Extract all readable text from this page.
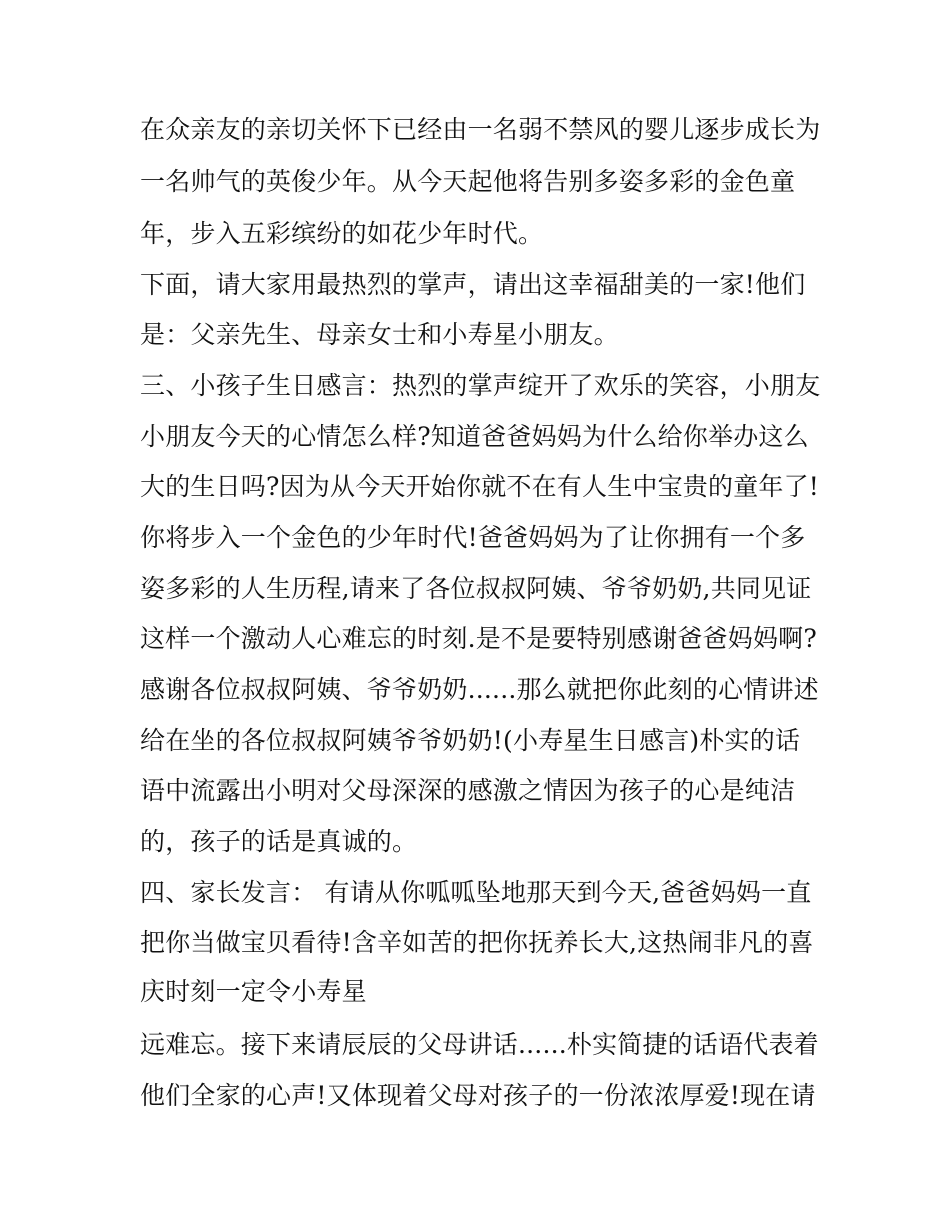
在众亲友的亲切关怀下已经由一名弱不禁风的婴儿逐步成长为
一名帅气的英俊少年。从今天起他将告别多姿多彩的金色童
年，步入五彩缤纷的如花少年时代。
下面，请大家用最热烈的掌声，请出这幸福甜美的一家!他们
是：父亲先生、母亲女士和小寿星小朋友。
三、小孩子生日感言：热烈的掌声绽开了欢乐的笑容，小朋友
小朋友今天的心情怎么样?知道爸爸妈妈为什么给你举办这么
大的生日吗?因为从今天开始你就不在有人生中宝贵的童年了!
你将步入一个金色的少年时代!爸爸妈妈为了让你拥有一个多
姿多彩的人生历程,请来了各位叔叔阿姨、爷爷奶奶,共同见证
这样一个激动人心难忘的时刻.是不是要特别感谢爸爸妈妈啊?
感谢各位叔叔阿姨、爷爷奶奶......那么就把你此刻的心情讲述
给在坐的各位叔叔阿姨爷爷奶奶!(小寿星生日感言)朴实的话
语中流露出小明对父母深深的感激之情因为孩子的心是纯洁
的，孩子的话是真诚的。
四、家长发言： 有请从你呱呱坠地那天到今天,爸爸妈妈一直
把你当做宝贝看待!含辛如苦的把你抚养长大,这热闹非凡的喜
庆时刻一定令小寿星
远难忘。接下来请辰辰的父母讲话......朴实简捷的话语代表着
他们全家的心声!又体现着父母对孩子的一份浓浓厚爱!现在请
